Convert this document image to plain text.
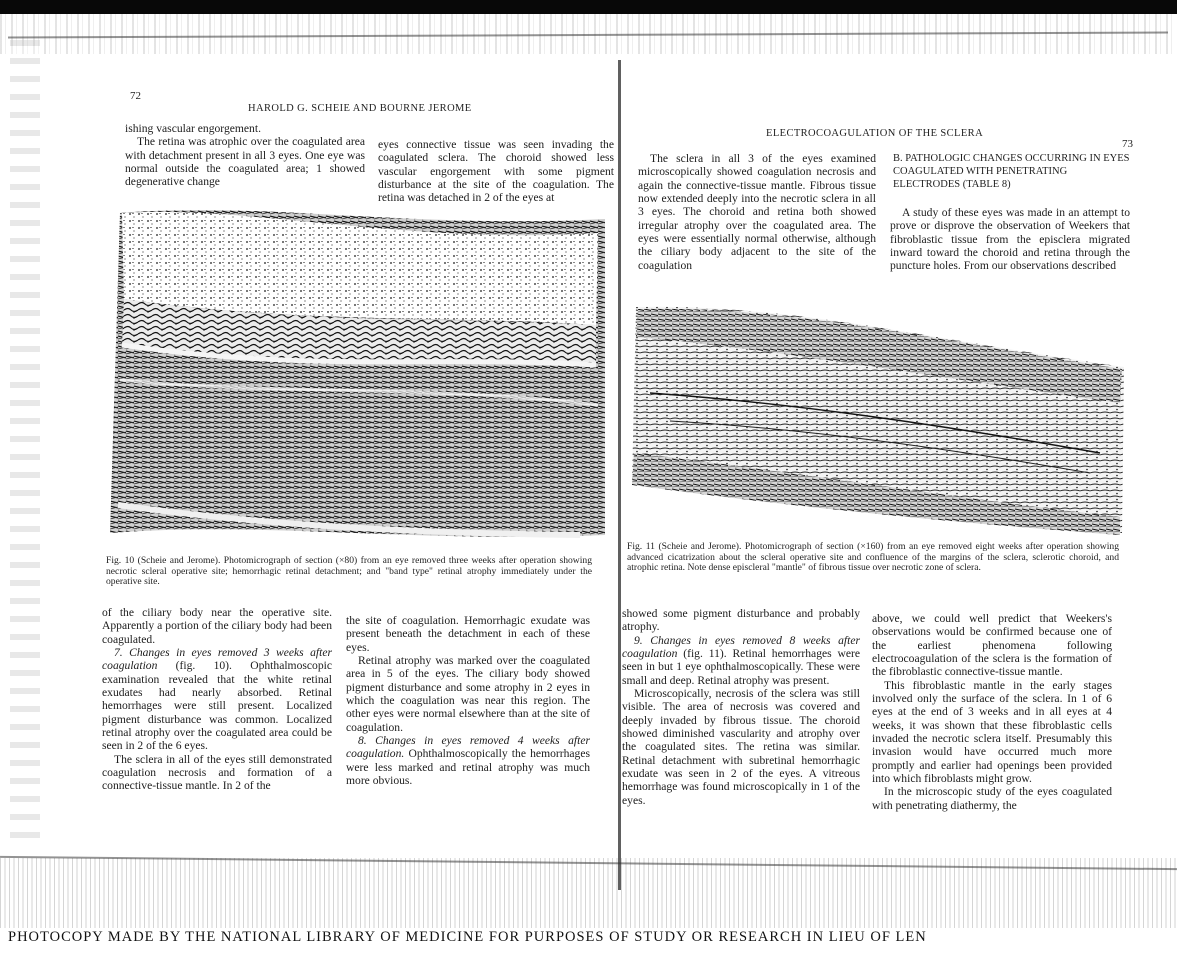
72
HAROLD G. SCHEIE AND BOURNE JEROME

ishing vascular engorgement.

The retina was atrophic over the coagulated area with detachment present in all 3 eyes. One eye was normal outside the coagulated area; 1 showed degenerative change

eyes connective tissue was seen invading the coagulated sclera. The choroid showed less vascular engorgement with some pigment disturbance at the site of the coagulation. The retina was detached in 2 of the eyes at

Fig. 10 (Scheie and Jerome). Photomicrograph of section (×80) from an eye removed three weeks after operation showing necrotic scleral operative site; hemorrhagic retinal detachment; and "band type" retinal atrophy immediately under the operative site.

of the ciliary body near the operative site. Apparently a portion of the ciliary body had been coagulated.

7. Changes in eyes removed 3 weeks after coagulation (fig. 10). Ophthalmoscopic examination revealed that the white retinal exudates had nearly absorbed. Retinal hemorrhages were still present. Localized pigment disturbance was common. Localized retinal atrophy over the coagulated area could be seen in 2 of the 6 eyes.

The sclera in all of the eyes still demonstrated coagulation necrosis and formation of a connective-tissue mantle. In 2 of the

the site of coagulation. Hemorrhagic exudate was present beneath the detachment in each of these eyes.

Retinal atrophy was marked over the coagulated area in 5 of the eyes. The ciliary body showed pigment disturbance and some atrophy in 2 eyes in which the coagulation was near this region. The other eyes were normal elsewhere than at the site of coagulation.

8. Changes in eyes removed 4 weeks after coagulation. Ophthalmoscopically the hemorrhages were less marked and retinal atrophy was much more obvious.

ELECTROCOAGULATION OF THE SCLERA
73

The sclera in all 3 of the eyes examined microscopically showed coagulation necrosis and again the connective-tissue mantle. Fibrous tissue now extended deeply into the necrotic sclera in all 3 eyes. The choroid and retina both showed irregular atrophy over the coagulated area. The eyes were essentially normal otherwise, although the ciliary body adjacent to the site of the coagulation

B. PATHOLOGIC CHANGES OCCURRING IN EYES COAGULATED WITH PENETRATING ELECTRODES (TABLE 8)

A study of these eyes was made in an attempt to prove or disprove the observation of Weekers that fibroblastic tissue from the episclera migrated inward toward the choroid and retina through the puncture holes. From our observations described

Fig. 11 (Scheie and Jerome). Photomicrograph of section (×160) from an eye removed eight weeks after operation showing advanced cicatrization about the scleral operative site and confluence of the margins of the sclera, sclerotic choroid, and atrophic retina. Note dense episcleral "mantle" of fibrous tissue over necrotic zone of sclera.

showed some pigment disturbance and probably atrophy.

9. Changes in eyes removed 8 weeks after coagulation (fig. 11). Retinal hemorrhages were seen in but 1 eye ophthalmoscopically. These were small and deep. Retinal atrophy was present.

Microscopically, necrosis of the sclera was still visible. The area of necrosis was covered and deeply invaded by fibrous tissue. The choroid showed diminished vascularity and atrophy over the coagulated sites. The retina was similar. Retinal detachment with subretinal hemorrhagic exudate was seen in 2 of the eyes. A vitreous hemorrhage was found microscopically in 1 of the eyes.

above, we could well predict that Weekers's observations would be confirmed because one of the earliest phenomena following electrocoagulation of the sclera is the formation of the fibroblastic connective-tissue mantle.

This fibroblastic mantle in the early stages involved only the surface of the sclera. In 1 of 6 eyes at the end of 3 weeks and in all eyes at 4 weeks, it was shown that these fibroblastic cells invaded the necrotic sclera itself. Presumably this invasion would have occurred much more promptly and earlier had openings been provided into which fibroblasts might grow.

In the microscopic study of the eyes coagulated with penetrating diathermy, the

PHOTOCOPY MADE BY THE NATIONAL LIBRARY OF MEDICINE FOR PURPOSES OF STUDY OR RESEARCH IN LIEU OF LEN
